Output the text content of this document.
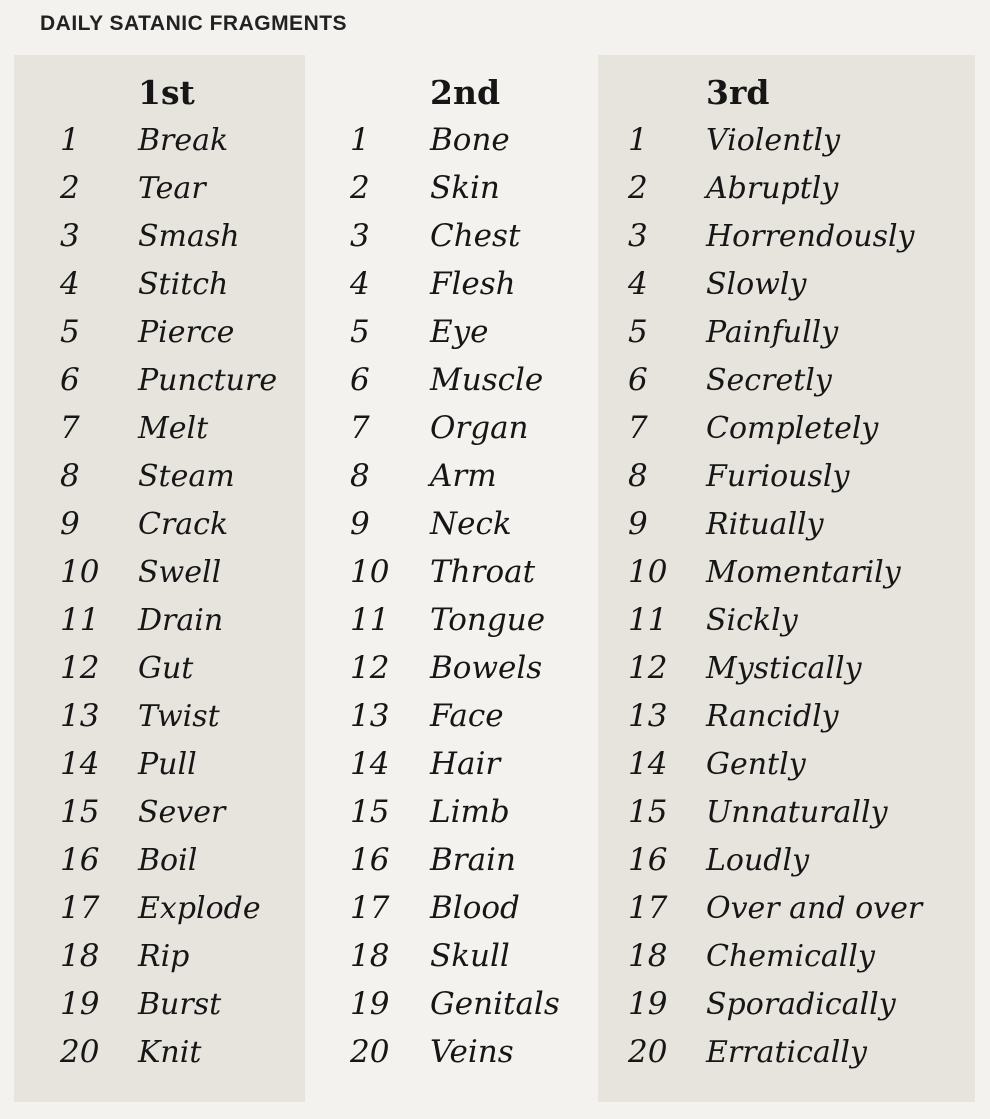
DAILY SATANIC FRAGMENTS
1st
1	Break
2	Tear
3	Smash
4	Stitch
5	Pierce
6	Puncture
7	Melt
8	Steam
9	Crack
10	Swell
11	Drain
12	Gut
13	Twist
14	Pull
15	Sever
16	Boil
17	Explode
18	Rip
19	Burst
20	Knit
2nd
1	Bone
2	Skin
3	Chest
4	Flesh
5	Eye
6	Muscle
7	Organ
8	Arm
9	Neck
10	Throat
11	Tongue
12	Bowels
13	Face
14	Hair
15	Limb
16	Brain
17	Blood
18	Skull
19	Genitals
20	Veins
3rd
1	Violently
2	Abruptly
3	Horrendously
4	Slowly
5	Painfully
6	Secretly
7	Completely
8	Furiously
9	Ritually
10	Momentarily
11	Sickly
12	Mystically
13	Rancidly
14	Gently
15	Unnaturally
16	Loudly
17	Over and over
18	Chemically
19	Sporadically
20	Erratically
